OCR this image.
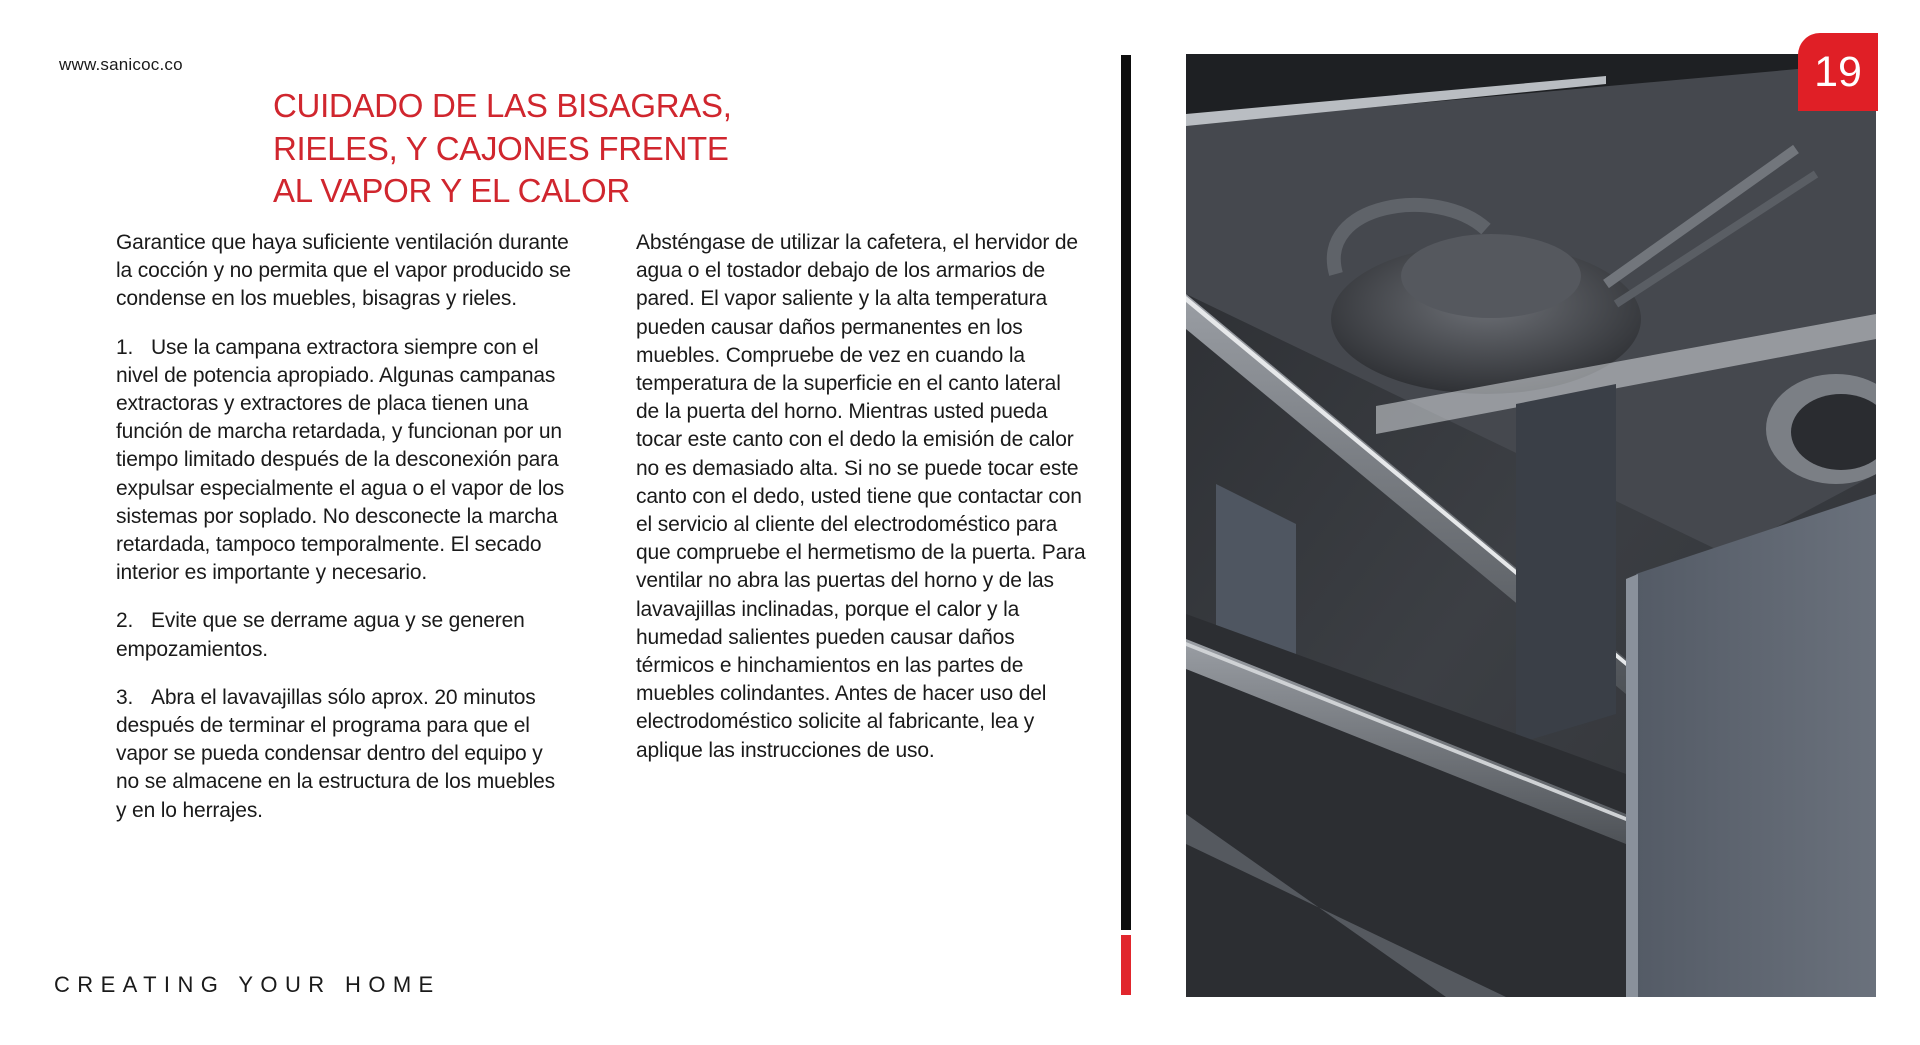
www.sanicoc.co
CUIDADO DE LAS BISAGRAS,
RIELES, Y CAJONES FRENTE
AL VAPOR Y EL CALOR

Garantice que haya suficiente ventilación durante la cocción y no permita que el vapor producido se condense en los muebles, bisagras y rieles.

1. Use la campana extractora siempre con el nivel de potencia apropiado. Algunas campanas extractoras y extractores de placa tienen una función de marcha retardada, y funcionan por un tiempo limitado después de la desconexión para expulsar especialmente el agua o el vapor de los sistemas por soplado. No desconecte la marcha retardada, tampoco temporalmente. El secado interior es importante y necesario.

2. Evite que se derrame agua y se generen empozamientos.

3. Abra el lavavajillas sólo aprox. 20 minutos después de terminar el programa para que el vapor se pueda condensar dentro del equipo y no se almacene en la estructura de los muebles y en lo herrajes.

Absténgase de utilizar la cafetera, el hervidor de agua o el tostador debajo de los armarios de pared. El vapor saliente y la alta temperatura pueden causar daños permanentes en los muebles. Compruebe de vez en cuando la temperatura de la superficie en el canto lateral de la puerta del horno. Mientras usted pueda tocar este canto con el dedo la emisión de calor no es demasiado alta. Si no se puede tocar este canto con el dedo, usted tiene que contactar con el servicio al cliente del electrodoméstico para que compruebe el hermetismo de la puerta. Para ventilar no abra las puertas del horno y de las lavavajillas inclinadas, porque el calor y la humedad salientes pueden causar daños térmicos e hinchamientos en las partes de muebles colindantes. Antes de hacer uso del electrodoméstico solicite al fabricante, lea y aplique las instrucciones de uso.

CREATING YOUR HOME
19
